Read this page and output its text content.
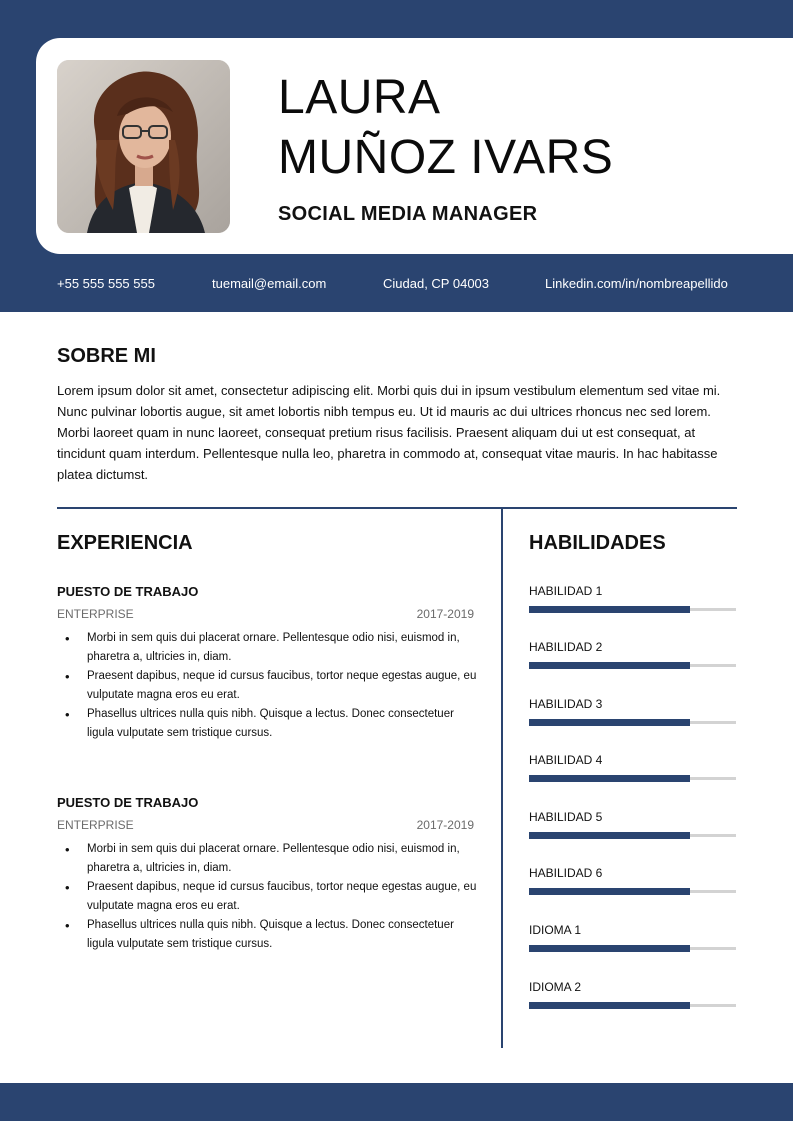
LAURA
MUÑOZ IVARS
SOCIAL MEDIA MANAGER
+55 555 555 555	tuemail@email.com	Ciudad, CP 04003	Linkedin.com/in/nombreapellido
SOBRE MI

Lorem ipsum dolor sit amet, consectetur adipiscing elit. Morbi quis dui in ipsum vestibulum elementum sed vitae mi. Nunc pulvinar lobortis augue, sit amet lobortis nibh tempus eu. Ut id mauris ac dui ultrices rhoncus nec sed lorem. Morbi laoreet quam in nunc laoreet, consequat pretium risus facilisis. Praesent aliquam dui ut est consequat, at tincidunt quam interdum. Pellentesque nulla leo, pharetra in commodo at, consequat vitae mauris. In hac habitasse platea dictumst.

EXPERIENCIA
PUESTO DE TRABAJO
ENTERPRISE	2017-2019
• Morbi in sem quis dui placerat ornare. Pellentesque odio nisi, euismod in, pharetra a, ultricies in, diam.
• Praesent dapibus, neque id cursus faucibus, tortor neque egestas augue, eu vulputate magna eros eu erat.
• Phasellus ultrices nulla quis nibh. Quisque a lectus. Donec consectetuer ligula vulputate sem tristique cursus.
PUESTO DE TRABAJO
ENTERPRISE	2017-2019
• Morbi in sem quis dui placerat ornare. Pellentesque odio nisi, euismod in, pharetra a, ultricies in, diam.
• Praesent dapibus, neque id cursus faucibus, tortor neque egestas augue, eu vulputate magna eros eu erat.
• Phasellus ultrices nulla quis nibh. Quisque a lectus. Donec consectetuer ligula vulputate sem tristique cursus.
HABILIDADES
HABILIDAD 1
HABILIDAD 2
HABILIDAD 3
HABILIDAD 4
HABILIDAD 5
HABILIDAD 6
IDIOMA 1
IDIOMA 2
